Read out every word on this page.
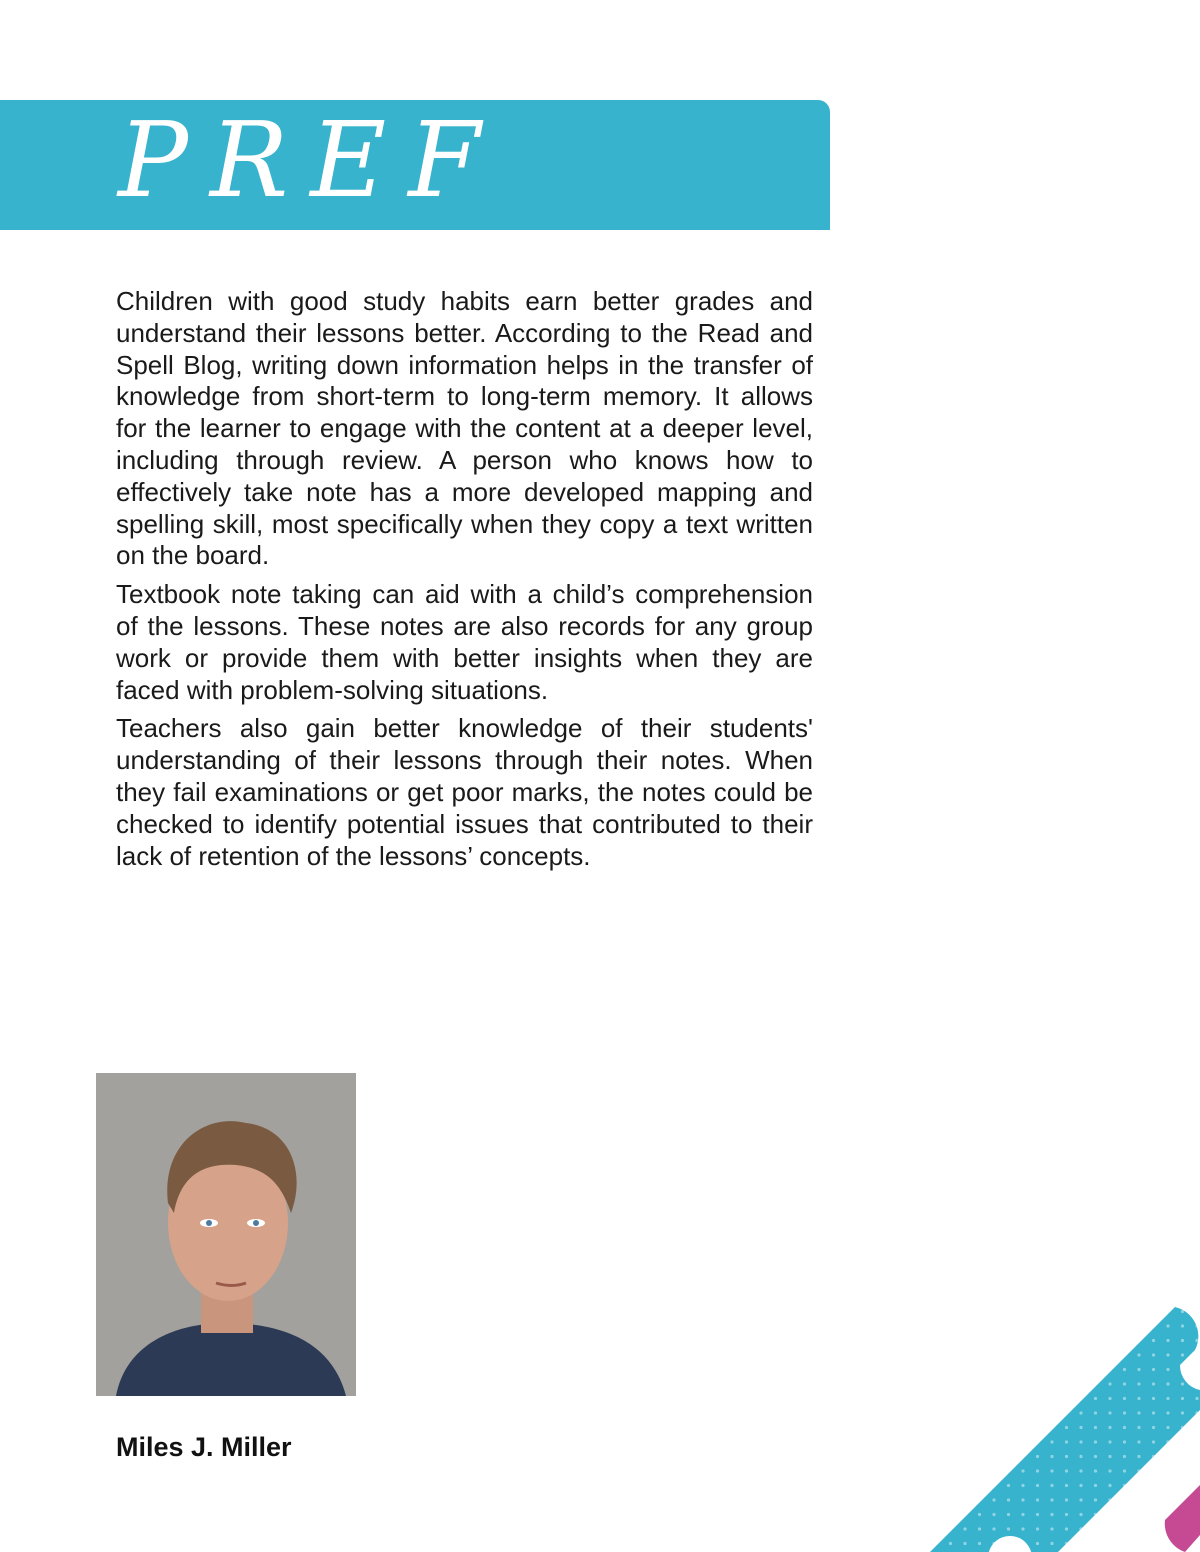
PREF

Children with good study habits earn better grades and understand their lessons better. According to the Read and Spell Blog, writing down information helps in the transfer of knowledge from short-term to long-term memory. It allows for the learner to engage with the content at a deeper level, including through review. A person who knows how to effectively take note has a more developed mapping and spelling skill, most specifically when they copy a text written on the board.

Textbook note taking can aid with a child’s comprehension of the lessons. These notes are also records for any group work or provide them with better insights when they are faced with problem-solving situations.

Teachers also gain better knowledge of their students' understanding of their lessons through their notes. When they fail examinations or get poor marks, the notes could be checked to identify potential issues that contributed to their lack of retention of the lessons’ concepts.

Miles J. Miller
